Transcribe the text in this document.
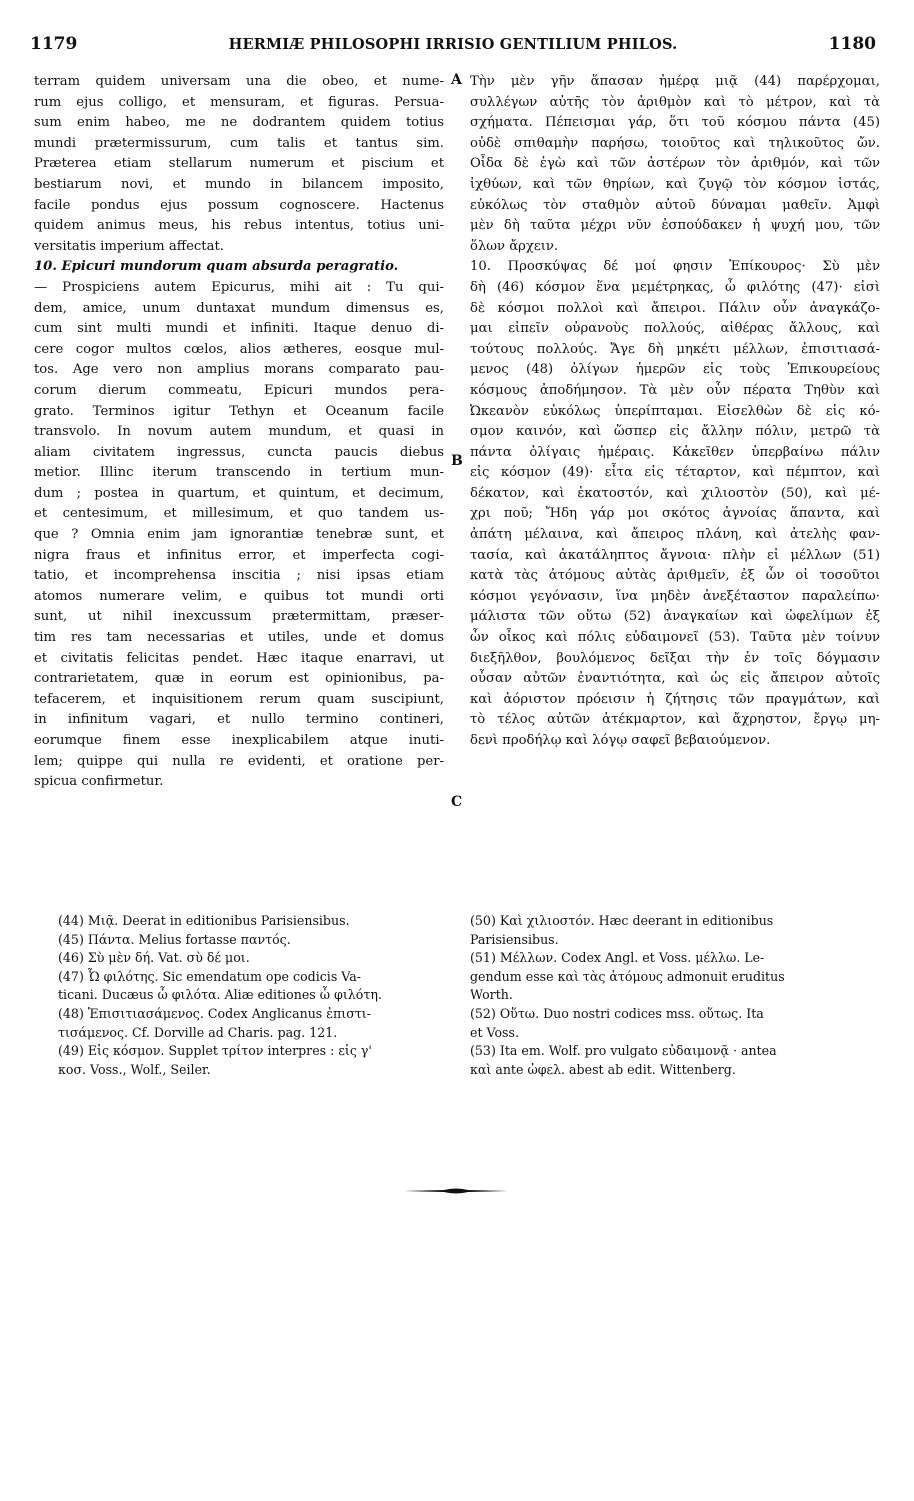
1179	HERMIÆ PHILOSOPHI IRRISIO GENTILIUM PHILOS.	1180
terram quidem universam una die obeo, et nume-
rum ejus colligo, et mensuram, et figuras. Persua-
sum enim habeo, me ne dodrantem quidem totius
mundi prætermissurum, cum talis et tantus sim.
Præterea etiam stellarum numerum et piscium et
bestiarum novi, et mundo in bilancem imposito,
facile pondus ejus possum cognoscere. Hactenus
quidem animus meus, his rebus intentus, totius uni-
versitatis imperium affectat.
10. Epicuri mundorum quam absurda peragratio.
— Prospiciens autem Epicurus, mihi ait : Tu qui-
dem, amice, unum duntaxat mundum dimensus es,
cum sint multi mundi et infiniti. Itaque denuo di-
cere cogor multos cœlos, alios ætheres, eosque mul-
tos. Age vero non amplius morans comparato pau-
corum dierum commeatu, Epicuri mundos pera-
grato. Terminos igitur Tethyn et Oceanum facile
transvolo. In novum autem mundum, et quasi in
aliam civitatem ingressus, cuncta paucis diebus
metior. Illinc iterum transcendo in tertium mun-
dum ; postea in quartum, et quintum, et decimum,
et centesimum, et millesimum, et quo tandem us-
que ? Omnia enim jam ignorantiæ tenebræ sunt, et
nigra fraus et infinitus error, et imperfecta cogi-
tatio, et incomprehensa inscitia ; nisi ipsas etiam
atomos numerare velim, e quibus tot mundi orti
sunt, ut nihil inexcussum prætermittam, præser-
tim res tam necessarias et utiles, unde et domus
et civitatis felicitas pendet. Hæc itaque enarravi, ut
contrarietatem, quæ in eorum est opinionibus, pa-
tefacerem, et inquisitionem rerum quam suscipiunt,
in infinitum vagari, et nullo termino contineri,
eorumque finem esse inexplicabilem atque inuti-
lem; quippe qui nulla re evidenti, et oratione per-
spicua confirmetur.
Τὴν μὲν γῆν ἅπασαν ἡμέρᾳ μιᾷ (44) παρέρχομαι,
συλλέγων αὐτῆς τὸν ἀριθμὸν καὶ τὸ μέτρον, καὶ τὰ
σχήματα. Πέπεισμαι γάρ, ὅτι τοῦ κόσμου πάντα (45)
οὐδὲ σπιθαμὴν παρήσω, τοιοῦτος καὶ τηλικοῦτος ὤν.
Οἶδα δὲ ἐγὼ καὶ τῶν ἀστέρων τὸν ἀριθμόν, καὶ τῶν
ἰχθύων, καὶ τῶν θηρίων, καὶ ζυγῷ τὸν κόσμον ἱστάς,
εὐκόλως τὸν σταθμὸν αὐτοῦ δύναμαι μαθεῖν. Ἀμφὶ
μὲν δὴ ταῦτα μέχρι νῦν ἐσπούδακεν ἡ ψυχή μου, τῶν
ὅλων ἄρχειν.
10. Προσκύψας δέ μοί φησιν Ἐπίκουρος· Σὺ μὲν
δὴ (46) κόσμον ἕνα μεμέτρηκας, ὦ φιλότης (47)· εἰσὶ
δὲ κόσμοι πολλοὶ καὶ ἄπειροι. Πάλιν οὖν ἀναγκάζο-
μαι εἰπεῖν οὐρανοὺς πολλούς, αἰθέρας ἄλλους, καὶ
τούτους πολλούς. Ἄγε δὴ μηκέτι μέλλων, ἐπισιτιασά-
μενος (48) ὀλίγων ἡμερῶν εἰς τοὺς Ἐπικουρείους
κόσμους ἀποδήμησον. Τὰ μὲν οὖν πέρατα Τηθὺν καὶ
Ὠκεανὸν εὐκόλως ὑπερίπταμαι. Εἰσελθὼν δὲ εἰς κό-
σμον καινόν, καὶ ὥσπερ εἰς ἄλλην πόλιν, μετρῶ τὰ
πάντα ὀλίγαις ἡμέραις. Κἀκεῖθεν ὑπερβαίνω πάλιν
εἰς κόσμον (49)· εἶτα εἰς τέταρτον, καὶ πέμπτον, καὶ
δέκατον, καὶ ἑκατοστόν, καὶ χιλιοστὸν (50), καὶ μέ-
χρι ποῦ; Ἤδη γάρ μοι σκότος ἀγνοίας ἅπαντα, καὶ
ἀπάτη μέλαινα, καὶ ἄπειρος πλάνη, καὶ ἀτελὴς φαν-
τασία, καὶ ἀκατάληπτος ἄγνοια· πλὴν εἰ μέλλων (51)
κατὰ τὰς ἀτόμους αὐτὰς ἀριθμεῖν, ἐξ ὧν οἱ τοσοῦτοι
κόσμοι γεγόνασιν, ἵνα μηδὲν ἀνεξέταστον παραλείπω·
μάλιστα τῶν οὕτω (52) ἀναγκαίων καὶ ὠφελίμων ἐξ
ὧν οἶκος καὶ πόλις εὐδαιμονεῖ (53). Ταῦτα μὲν τοίνυν
διεξῆλθον, βουλόμενος δεῖξαι τὴν ἐν τοῖς δόγμασιν
οὖσαν αὐτῶν ἐναντιότητα, καὶ ὡς εἰς ἄπειρον αὐτοῖς
καὶ ἀόριστον πρόεισιν ἡ ζήτησις τῶν πραγμάτων, καὶ
τὸ τέλος αὐτῶν ἀτέκμαρτον, καὶ ἄχρηστον, ἔργῳ μη-
δενὶ προδήλῳ καὶ λόγῳ σαφεῖ βεβαιούμενον.
A
B
C
(44) Μιᾷ. Deerat in editionibus Parisiensibus.
(45) Πάντα. Melius fortasse παντός.
(46) Σὺ μὲν δή. Vat. σὺ δέ μοι.
(47) Ὦ φιλότης. Sic emendatum ope codicis Va-
ticani. Ducæus ὦ φιλότα. Aliæ editiones ὦ φιλότη.
(48) Ἐπισιτιασάμενος. Codex Anglicanus ἐπιστι-
τισάμενος. Cf. Dorville ad Charis. pag. 121.
(49) Εἰς κόσμον. Supplet τρίτον interpres : εἰς γ'
κοσ. Voss., Wolf., Seiler.
(50) Καὶ χιλιοστόν. Hæc deerant in editionibus
Parisiensibus.
(51) Μέλλων. Codex Angl. et Voss. μέλλω. Le-
gendum esse καὶ τὰς ἀτόμους admonuit eruditus
Worth.
(52) Οὕτω. Duo nostri codices mss. οὕτως. Ita
et Voss.
(53) Ita em. Wolf. pro vulgato εὐδαιμονᾷ · antea
καὶ ante ὠφελ. abest ab edit. Wittenberg.
